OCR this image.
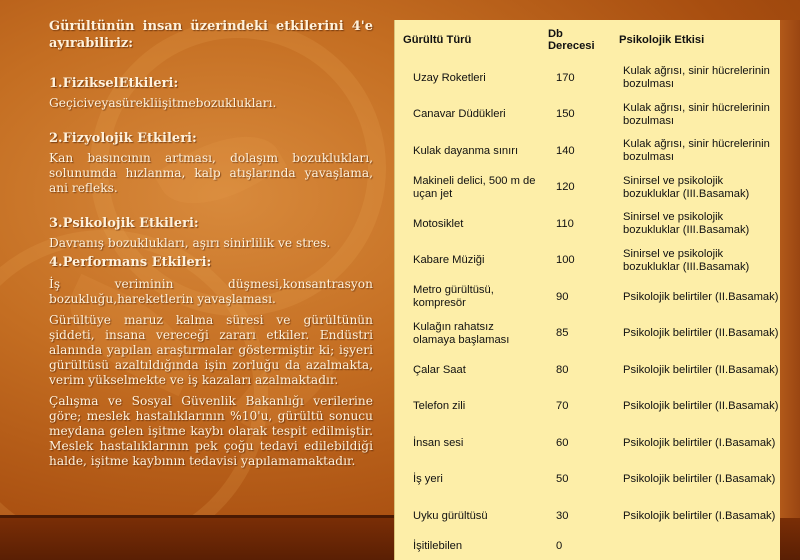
Gürültünün insan üzerindeki etkilerini 4'e ayırabiliriz:

1.FizikselEtkileri:

Geçiciveyasürekliişitmebozuklukları.

2.Fizyolojik Etkileri:

Kan basıncının artması, dolaşım bozuklukları, solunumda hızlanma, kalp atışlarında yavaşlama, ani refleks.

3.Psikolojik Etkileri:

Davranış bozuklukları, aşırı sinirlilik ve stres.

4.Performans Etkileri:

İş veriminin düşmesi,konsantrasyon bozukluğu,hareketlerin yavaşlaması.

Gürültüye maruz kalma süresi ve gürültünün şiddeti, insana vereceği zararı etkiler. Endüstri alanında yapılan araştırmalar göstermiştir ki; işyeri gürültüsü azaltıldığında işin zorluğu da azalmakta, verim yükselmekte ve iş kazaları azalmaktadır.

Çalışma ve Sosyal Güvenlik Bakanlığı verilerine göre; meslek hastalıklarının %10'u, gürültü sonucu meydana gelen işitme kaybı olarak tespit edilmiştir. Meslek hastalıklarının pek çoğu tedavi edilebildiği halde, işitme kaybının tedavisi yapılamamaktadır.

Gürültü Türü	Db Derecesi	Psikolojik Etkisi
Uzay Roketleri	170	Kulak ağrısı, sinir hücrelerinin bozulması
Canavar Düdükleri	150	Kulak ağrısı, sinir hücrelerinin bozulması
Kulak dayanma sınırı	140	Kulak ağrısı, sinir hücrelerinin bozulması
Makineli delici, 500 m de uçan jet	120	Sinirsel ve psikolojik bozukluklar (III.Basamak)
Motosiklet	110	Sinirsel ve psikolojik bozukluklar (III.Basamak)
Kabare Müziği	100	Sinirsel ve psikolojik bozukluklar (III.Basamak)
Metro gürültüsü, kompresör	90	Psikolojik belirtiler (II.Basamak)
Kulağın rahatsız olamaya başlaması	85	Psikolojik belirtiler (II.Basamak)
Çalar Saat	80	Psikolojik belirtiler (II.Basamak)
Telefon zili	70	Psikolojik belirtiler (II.Basamak)
İnsan sesi	60	Psikolojik belirtiler (I.Basamak)
İş yeri	50	Psikolojik belirtiler (I.Basamak)
Uyku gürültüsü	30	Psikolojik belirtiler (I.Basamak)
İşitilebilen	0	
